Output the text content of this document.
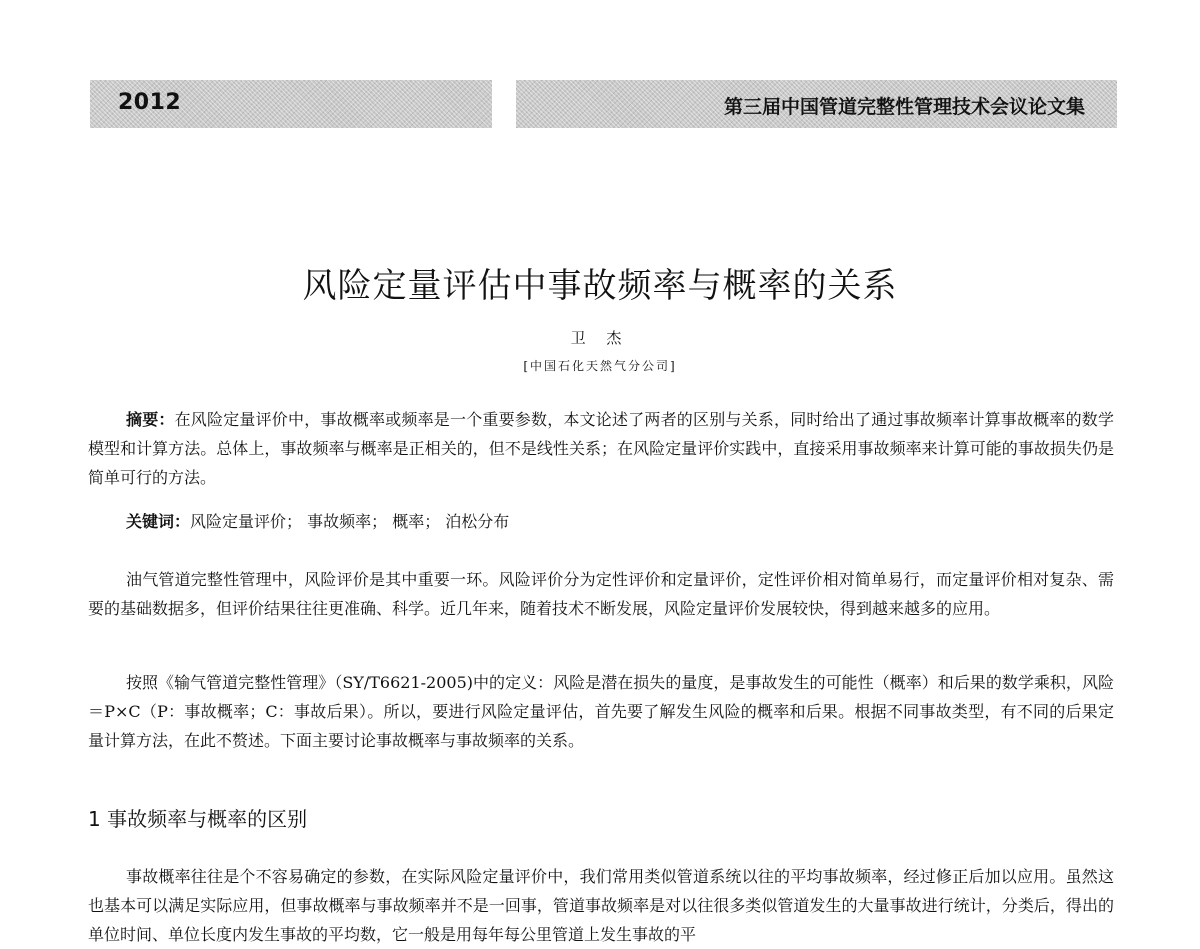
2012	第三届中国管道完整性管理技术会议论文集
风险定量评估中事故频率与概率的关系
卫 杰
[中国石化天然气分公司]

摘要：在风险定量评价中，事故概率或频率是一个重要参数，本文论述了两者的区别与关系，同时给出了通过事故频率计算事故概率的数学模型和计算方法。总体上，事故频率与概率是正相关的，但不是线性关系；在风险定量评价实践中，直接采用事故频率来计算可能的事故损失仍是简单可行的方法。

关键词：风险定量评价； 事故频率； 概率； 泊松分布

油气管道完整性管理中，风险评价是其中重要一环。风险评价分为定性评价和定量评价，定性评价相对简单易行，而定量评价相对复杂、需要的基础数据多，但评价结果往往更准确、科学。近几年来，随着技术不断发展，风险定量评价发展较快，得到越来越多的应用。

按照《输气管道完整性管理》（SY/T6621-2005)中的定义：风险是潜在损失的量度，是事故发生的可能性（概率）和后果的数学乘积，风险＝P×C（P：事故概率；C：事故后果）。所以，要进行风险定量评估，首先要了解发生风险的概率和后果。根据不同事故类型，有不同的后果定量计算方法，在此不赘述。下面主要讨论事故概率与事故频率的关系。

1 事故频率与概率的区别

事故概率往往是个不容易确定的参数，在实际风险定量评价中，我们常用类似管道系统以往的平均事故频率，经过修正后加以应用。虽然这也基本可以满足实际应用，但事故概率与事故频率并不是一回事，管道事故频率是对以往很多类似管道发生的大量事故进行统计，分类后，得出的单位时间、单位长度内发生事故的平均数，它一般是用每年每公里管道上发生事故的平
